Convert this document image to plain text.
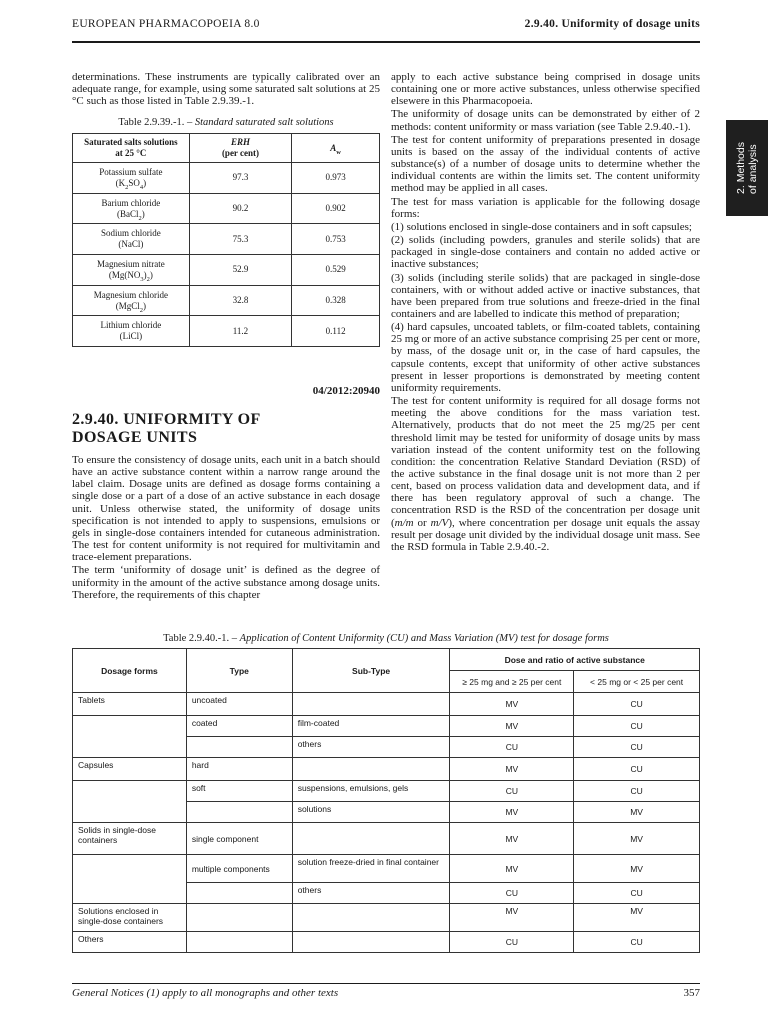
EUROPEAN PHARMACOPOEIA 8.0	2.9.40. Uniformity of dosage units
2. Methods of analysis

determinations. These instruments are typically calibrated over an adequate range, for example, using some saturated salt solutions at 25 °C such as those listed in Table 2.9.39.-1.

Table 2.9.39.-1. – Standard saturated salt solutions
Saturated salts solutions
at 25 °C	ERH
(per cent)	$A_w$
Potassium sulfate
$(K_2SO_4)$	97.3	0.973
Barium chloride
(BaCl$_2$)	90.2	0.902
Sodium chloride
(NaCl)	75.3	0.753
Magnesium nitrate
$(Mg(NO_3)_2)$	52.9	0.529
Magnesium chloride
(MgCl$_2$)	32.8	0.328
Lithium chloride
(LiCl)	11.2	0.112
04/2012:20940
2.9.40. UNIFORMITY OF
DOSAGE UNITS

To ensure the consistency of dosage units, each unit in a batch should have an active substance content within a narrow range around the label claim. Dosage units are defined as dosage forms containing a single dose or a part of a dose of an active substance in each dosage unit. Unless otherwise stated, the uniformity of dosage units specification is not intended to apply to suspensions, emulsions or gels in single-dose containers intended for cutaneous administration. The test for content uniformity is not required for multivitamin and trace-element preparations.

The term ‘uniformity of dosage unit’ is defined as the degree of uniformity in the amount of the active substance among dosage units. Therefore, the requirements of this chapter

apply to each active substance being comprised in dosage units containing one or more active substances, unless otherwise specified elsewere in this Pharmacopoeia.

The uniformity of dosage units can be demonstrated by either of 2 methods: content uniformity or mass variation (see Table 2.9.40.-1).

The test for content uniformity of preparations presented in dosage units is based on the assay of the individual contents of active substance(s) of a number of dosage units to determine whether the individual contents are within the limits set. The content uniformity method may be applied in all cases.

The test for mass variation is applicable for the following dosage forms:

(1) solutions enclosed in single-dose containers and in soft capsules;

(2) solids (including powders, granules and sterile solids) that are packaged in single-dose containers and contain no added active or inactive substances;

(3) solids (including sterile solids) that are packaged in single-dose containers, with or without added active or inactive substances, that have been prepared from true solutions and freeze-dried in the final containers and are labelled to indicate this method of preparation;

(4) hard capsules, uncoated tablets, or film-coated tablets, containing 25 mg or more of an active substance comprising 25 per cent or more, by mass, of the dosage unit or, in the case of hard capsules, the capsule contents, except that uniformity of other active substances present in lesser proportions is demonstrated by meeting content uniformity requirements.

The test for content uniformity is required for all dosage forms not meeting the above conditions for the mass variation test. Alternatively, products that do not meet the 25 mg/25 per cent threshold limit may be tested for uniformity of dosage units by mass variation instead of the content uniformity test on the following condition: the concentration Relative Standard Deviation (RSD) of the active substance in the final dosage unit is not more than 2 per cent, based on process validation data and development data, and if there has been regulatory approval of such a change. The concentration RSD is the RSD of the concentration per dosage unit (m/m or m/V), where concentration per dosage unit equals the assay result per dosage unit divided by the individual dosage unit mass. See the RSD formula in Table 2.9.40.-2.

Table 2.9.40.-1. – Application of Content Uniformity (CU) and Mass Variation (MV) test for dosage forms
Dosage forms	Type	Sub-Type	Dose and ratio of active substance	
			≥ 25 mg and ≥ 25 per cent	< 25 mg or < 25 per cent
Tablets	uncoated		MV	CU
	coated	film-coated	MV	CU
		others	CU	CU
Capsules	hard		MV	CU
	soft	suspensions, emulsions, gels	CU	CU
		solutions	MV	MV
Solids in single-dose containers	single component		MV	MV
	multiple components	solution freeze-dried in final container	MV	MV
		others	CU	CU
Solutions enclosed in single-dose containers			MV	MV
Others			CU	CU
General Notices (1) apply to all monographs and other texts	357
